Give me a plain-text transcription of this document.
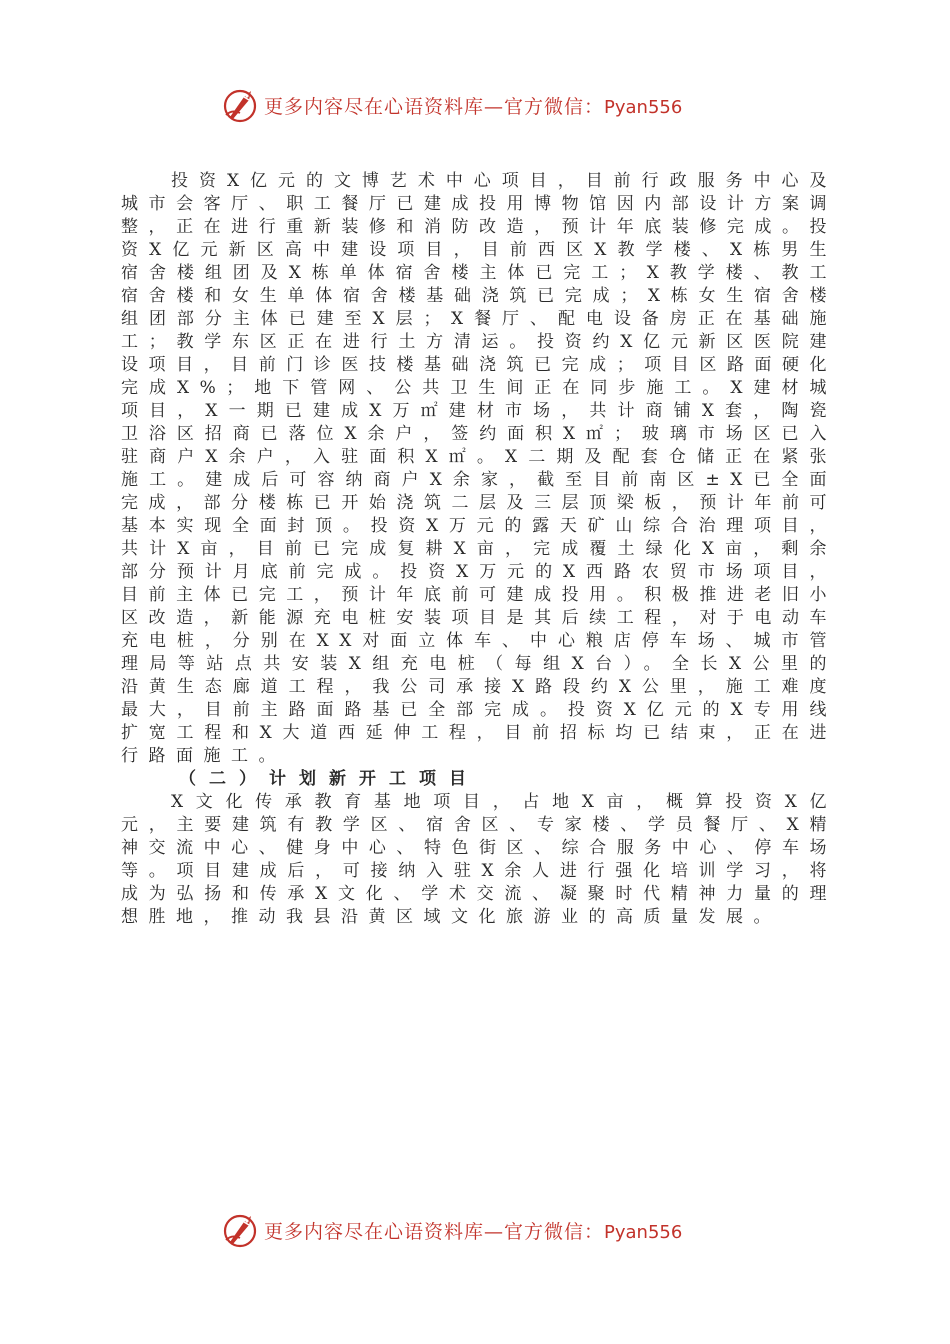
更多内容尽在心语资料库—官方微信：Pyan556

投资X亿元的文博艺术中心项目，目前行政服务中心及城市会客厅、职工餐厅已建成投用博物馆因内部设计方案调整，正在进行重新装修和消防改造，预计年底装修完成。投资X亿元新区高中建设项目，目前西区X教学楼、X栋男生宿舍楼组团及X栋单体宿舍楼主体已完工；X教学楼、教工宿舍楼和女生单体宿舍楼基础浇筑已完成；X栋女生宿舍楼组团部分主体已建至X层；X餐厅、配电设备房正在基础施工；教学东区正在进行土方清运。投资约X亿元新区医院建设项目，目前门诊医技楼基础浇筑已完成；项目区路面硬化完成X%；地下管网、公共卫生间正在同步施工。X建材城项目，X一期已建成X万㎡建材市场，共计商铺X套，陶瓷卫浴区招商已落位X余户，签约面积X㎡；玻璃市场区已入驻商户X余户，入驻面积X㎡。X二期及配套仓储正在紧张施工。建成后可容纳商户X余家，截至目前南区±X已全面完成，部分楼栋已开始浇筑二层及三层顶梁板，预计年前可基本实现全面封顶。投资X万元的露天矿山综合治理项目，共计X亩，目前已完成复耕X亩，完成覆土绿化X亩，剩余部分预计月底前完成。投资X万元的X西路农贸市场项目，目前主体已完工，预计年底前可建成投用。积极推进老旧小区改造，新能源充电桩安装项目是其后续工程，对于电动车充电桩，分别在XX对面立体车、中心粮店停车场、城市管理局等站点共安装X组充电桩（每组X台）。全长X公里的沿黄生态廊道工程，我公司承接X路段约X公里，施工难度最大，目前主路面路基已全部完成。投资X亿元的X专用线扩宽工程和X大道西延伸工程，目前招标均已结束，正在进行路面施工。

（二）计划新开工项目

X文化传承教育基地项目，占地X亩，概算投资X亿元，主要建筑有教学区、宿舍区、专家楼、学员餐厅、X精神交流中心、健身中心、特色街区、综合服务中心、停车场等。项目建成后，可接纳入驻X余人进行强化培训学习，将成为弘扬和传承X文化、学术交流、凝聚时代精神力量的理想胜地，推动我县沿黄区域文化旅游业的高质量发展。

更多内容尽在心语资料库—官方微信：Pyan556
